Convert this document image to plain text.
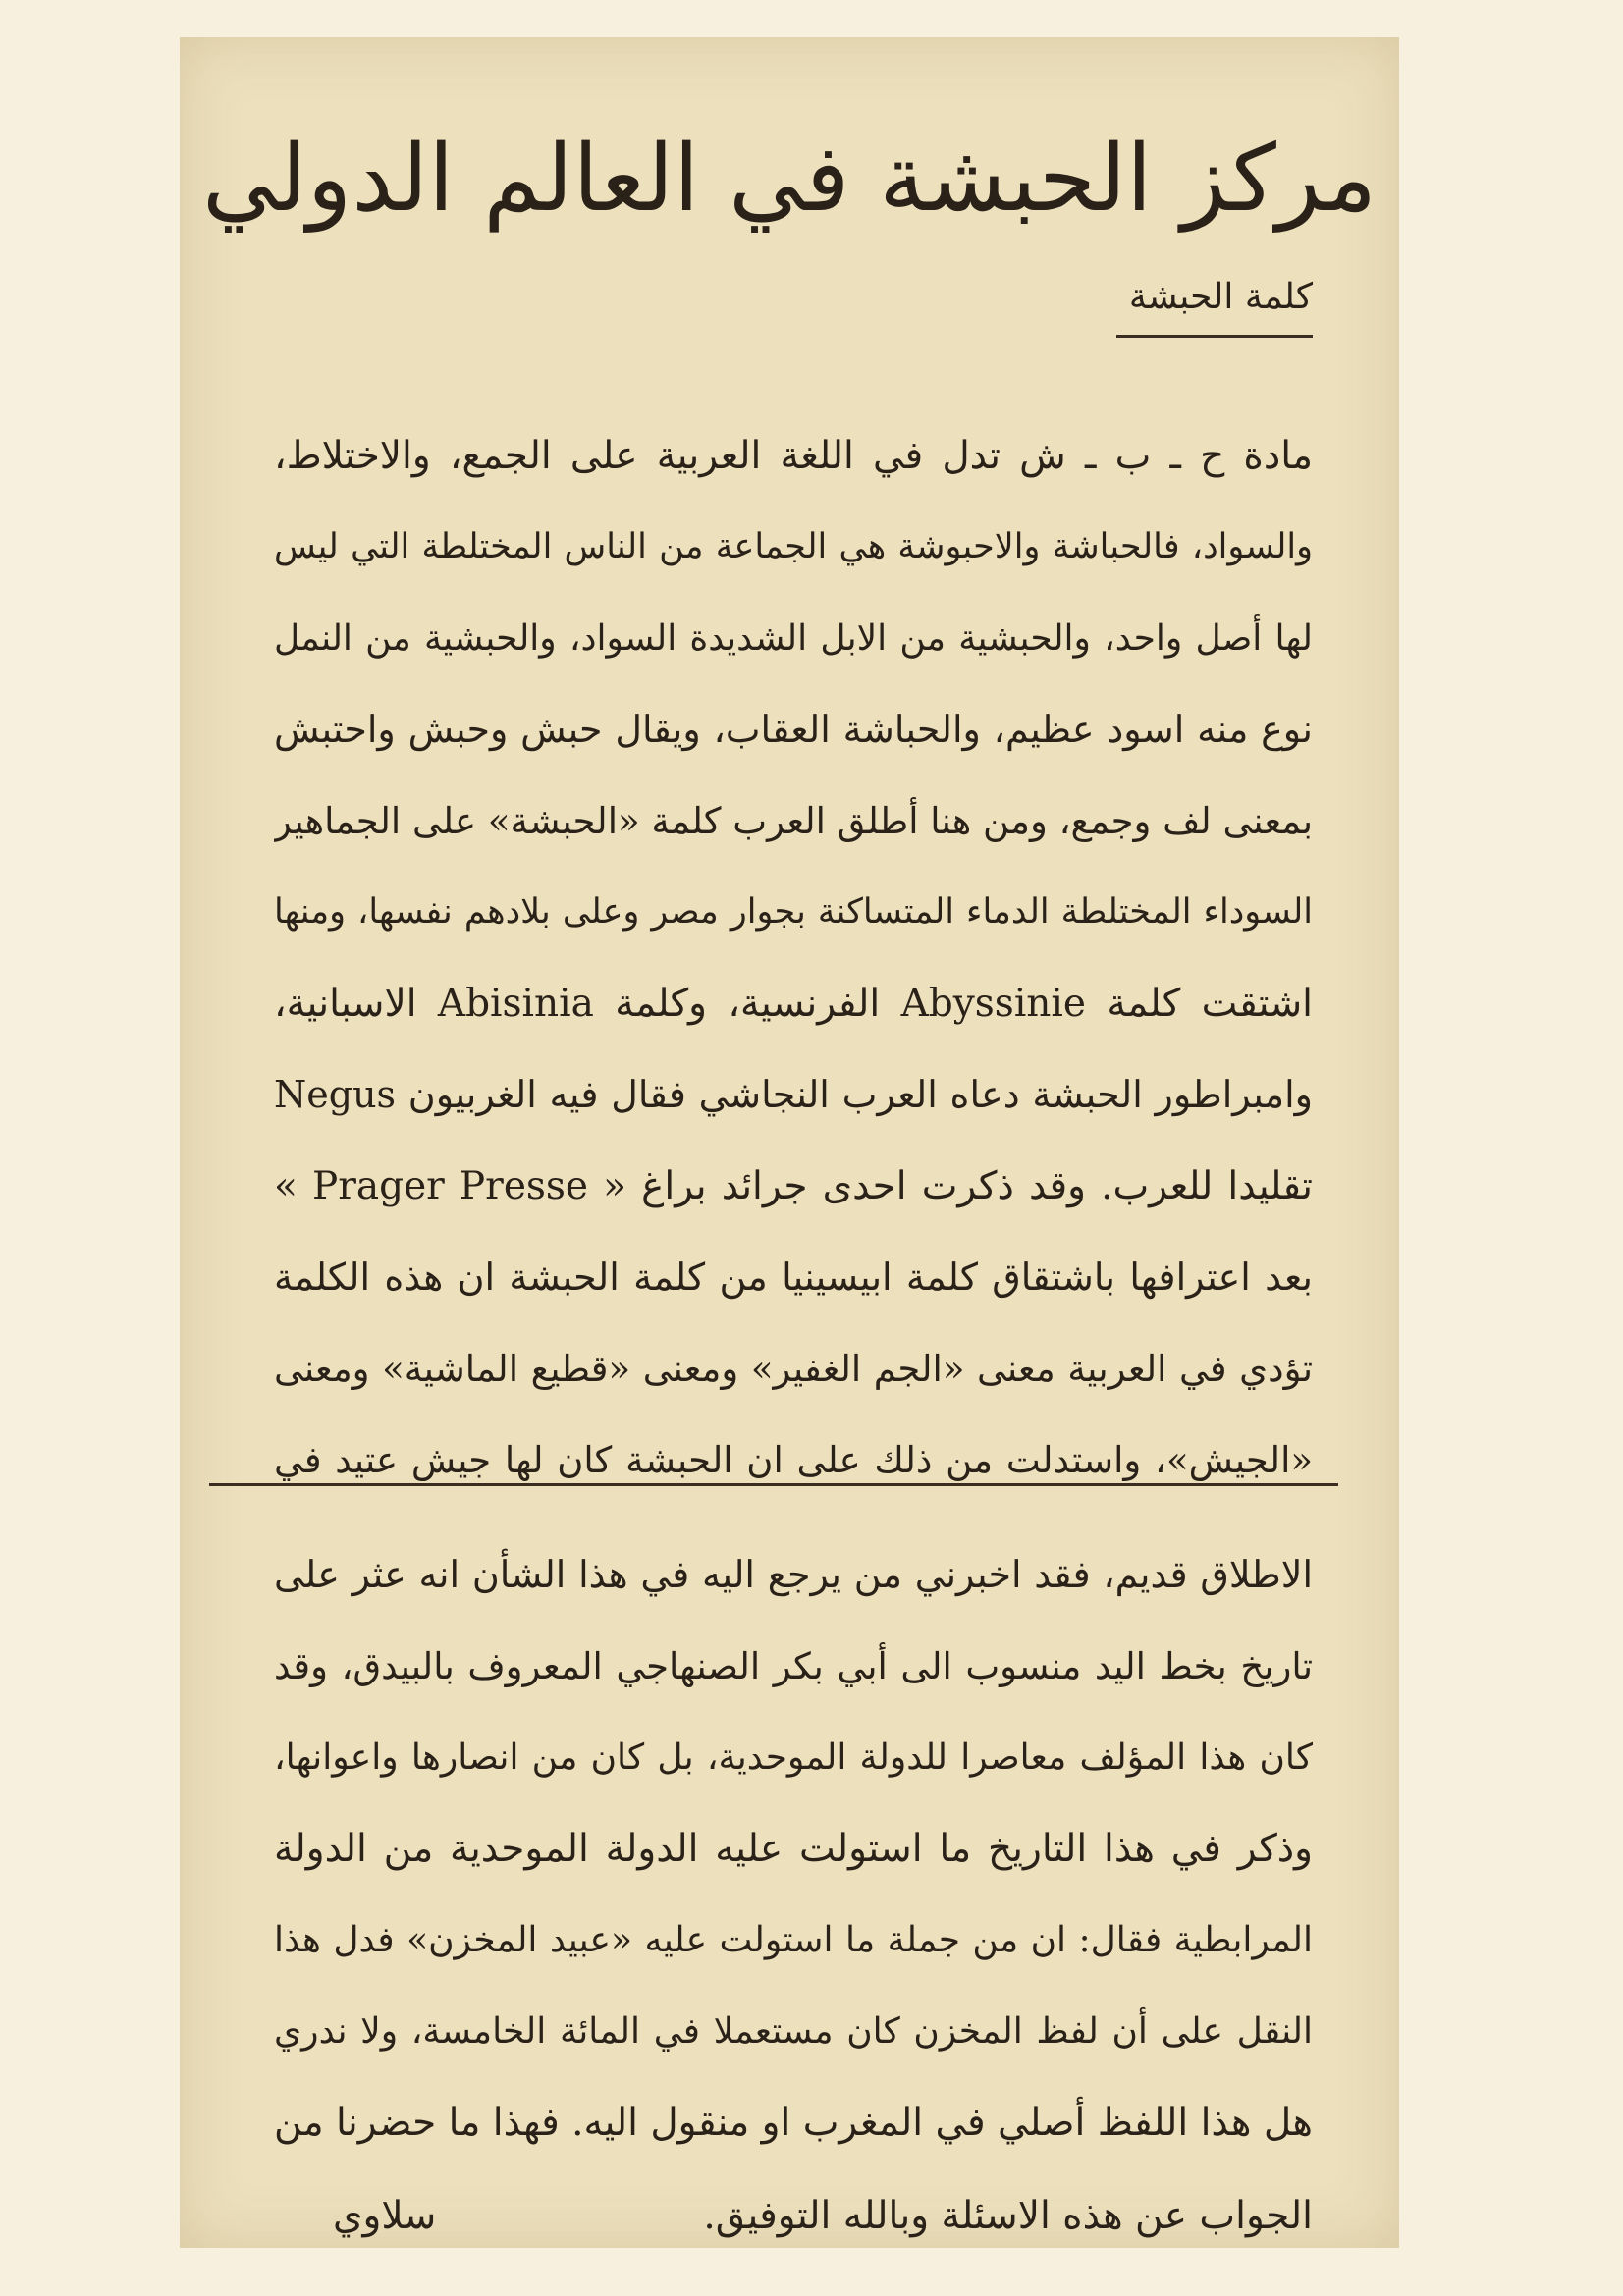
مركز الحبشة في العالم الدولي
كلمة الحبشة
مادة ح ـ ب ـ ش تدل في اللغة العربية على الجمع، والاختلاط،
والسواد، فالحباشة والاحبوشة هي الجماعة من الناس المختلطة التي ليس
لها أصل واحد، والحبشية من الابل الشديدة السواد، والحبشية من النمل
نوع منه اسود عظيم، والحباشة العقاب، ويقال حبش وحبش واحتبش
بمعنى لف وجمع، ومن هنا أطلق العرب كلمة «الحبشة» على الجماهير
السوداء المختلطة الدماء المتساكنة بجوار مصر وعلى بلادهم نفسها، ومنها
اشتقت كلمة Abyssinie الفرنسية، وكلمة Abisinia الاسبانية،
وامبراطور الحبشة دعاه العرب النجاشي فقال فيه الغربيون Negus
تقليدا للعرب. وقد ذكرت احدى جرائد براغ « Prager Presse »
بعد اعترافها باشتقاق كلمة ابيسينيا من كلمة الحبشة ان هذه الكلمة
تؤدي في العربية معنى «الجم الغفير» ومعنى «قطيع الماشية» ومعنى
«الجيش»، واستدلت من ذلك على ان الحبشة كان لها جيش عتيد في
الاطلاق قديم، فقد اخبرني من يرجع اليه في هذا الشأن انه عثر على
تاريخ بخط اليد منسوب الى أبي بكر الصنهاجي المعروف بالبيدق، وقد
كان هذا المؤلف معاصرا للدولة الموحدية، بل كان من انصارها واعوانها،
وذكر في هذا التاريخ ما استولت عليه الدولة الموحدية من الدولة
المرابطية فقال: ان من جملة ما استولت عليه «عبيد المخزن» فدل هذا
النقل على أن لفظ المخزن كان مستعملا في المائة الخامسة، ولا ندري
هل هذا اللفظ أصلي في المغرب او منقول اليه. فهذا ما حضرنا من
الجواب عن هذه الاسئلة وبالله التوفيق.
سلاوي
